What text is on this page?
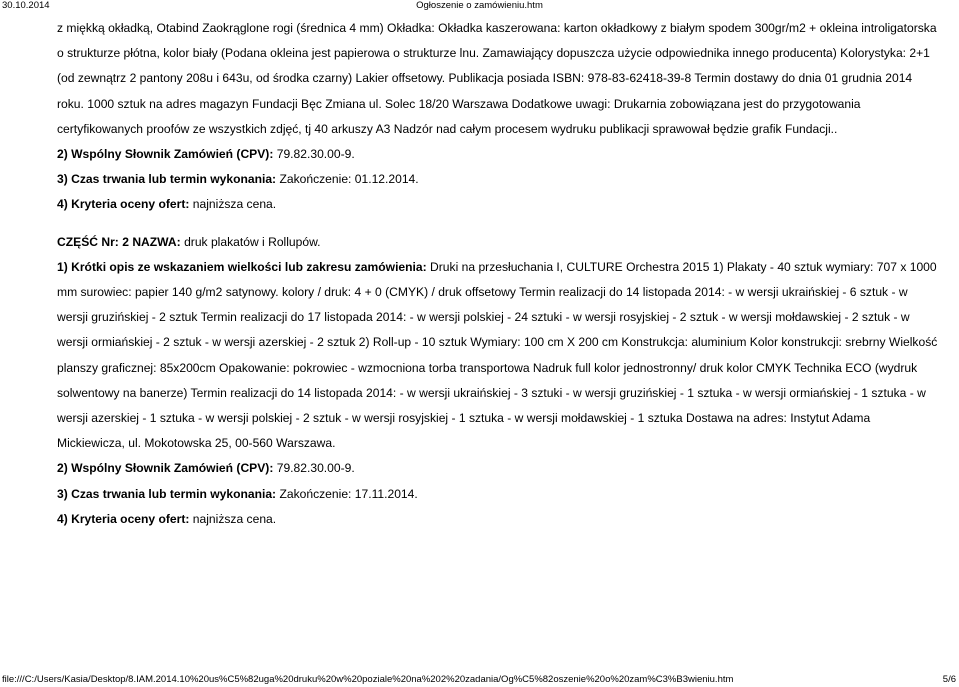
30.10.2014	Ogłoszenie o zamówieniu.htm

z miękką okładką, Otabind Zaokrąglone rogi (średnica 4 mm) Okładka: Okładka kaszerowana: karton okładkowy z białym spodem 300gr/m2 + okleina introligatorska o strukturze płótna, kolor biały (Podana okleina jest papierowa o strukturze lnu. Zamawiający dopuszcza użycie odpowiednika innego producenta) Kolorystyka: 2+1 (od zewnątrz 2 pantony 208u i 643u, od środka czarny) Lakier offsetowy. Publikacja posiada ISBN: 978-83-62418-39-8 Termin dostawy do dnia 01 grudnia 2014 roku. 1000 sztuk na adres magazyn Fundacji Bęc Zmiana ul. Solec 18/20 Warszawa Dodatkowe uwagi: Drukarnia zobowiązana jest do przygotowania certyfikowanych proofów ze wszystkich zdjęć, tj 40 arkuszy A3 Nadzór nad całym procesem wydruku publikacji sprawował będzie grafik Fundacji..

2) Wspólny Słownik Zamówień (CPV): 79.82.30.00-9.

3) Czas trwania lub termin wykonania: Zakończenie: 01.12.2014.

4) Kryteria oceny ofert: najniższa cena.

CZĘŚĆ Nr: 2 NAZWA: druk plakatów i Rollupów.

1) Krótki opis ze wskazaniem wielkości lub zakresu zamówienia: Druki na przesłuchania I, CULTURE Orchestra 2015 1) Plakaty - 40 sztuk wymiary: 707 x 1000 mm surowiec: papier 140 g/m2 satynowy. kolory / druk: 4 + 0 (CMYK) / druk offsetowy Termin realizacji do 14 listopada 2014: - w wersji ukraińskiej - 6 sztuk - w wersji gruzińskiej - 2 sztuk Termin realizacji do 17 listopada 2014: - w wersji polskiej - 24 sztuki - w wersji rosyjskiej - 2 sztuk - w wersji mołdawskiej - 2 sztuk - w wersji ormiańskiej - 2 sztuk - w wersji azerskiej - 2 sztuk 2) Roll-up - 10 sztuk Wymiary: 100 cm X 200 cm Konstrukcja: aluminium Kolor konstrukcji: srebrny Wielkość planszy graficznej: 85x200cm Opakowanie: pokrowiec - wzmocniona torba transportowa Nadruk full kolor jednostronny/ druk kolor CMYK Technika ECO (wydruk solwentowy na banerze) Termin realizacji do 14 listopada 2014: - w wersji ukraińskiej - 3 sztuki - w wersji gruzińskiej - 1 sztuka - w wersji ormiańskiej - 1 sztuka - w wersji azerskiej - 1 sztuka - w wersji polskiej - 2 sztuk - w wersji rosyjskiej - 1 sztuka - w wersji mołdawskiej - 1 sztuka Dostawa na adres: Instytut Adama Mickiewicza, ul. Mokotowska 25, 00-560 Warszawa.

2) Wspólny Słownik Zamówień (CPV): 79.82.30.00-9.

3) Czas trwania lub termin wykonania: Zakończenie: 17.11.2014.

4) Kryteria oceny ofert: najniższa cena.

file:///C:/Users/Kasia/Desktop/8.IAM.2014.10%20us%C5%82uga%20druku%20w%20poziale%20na%202%20zadania/Og%C5%82oszenie%20o%20zam%C3%B3wieniu.htm	5/6
